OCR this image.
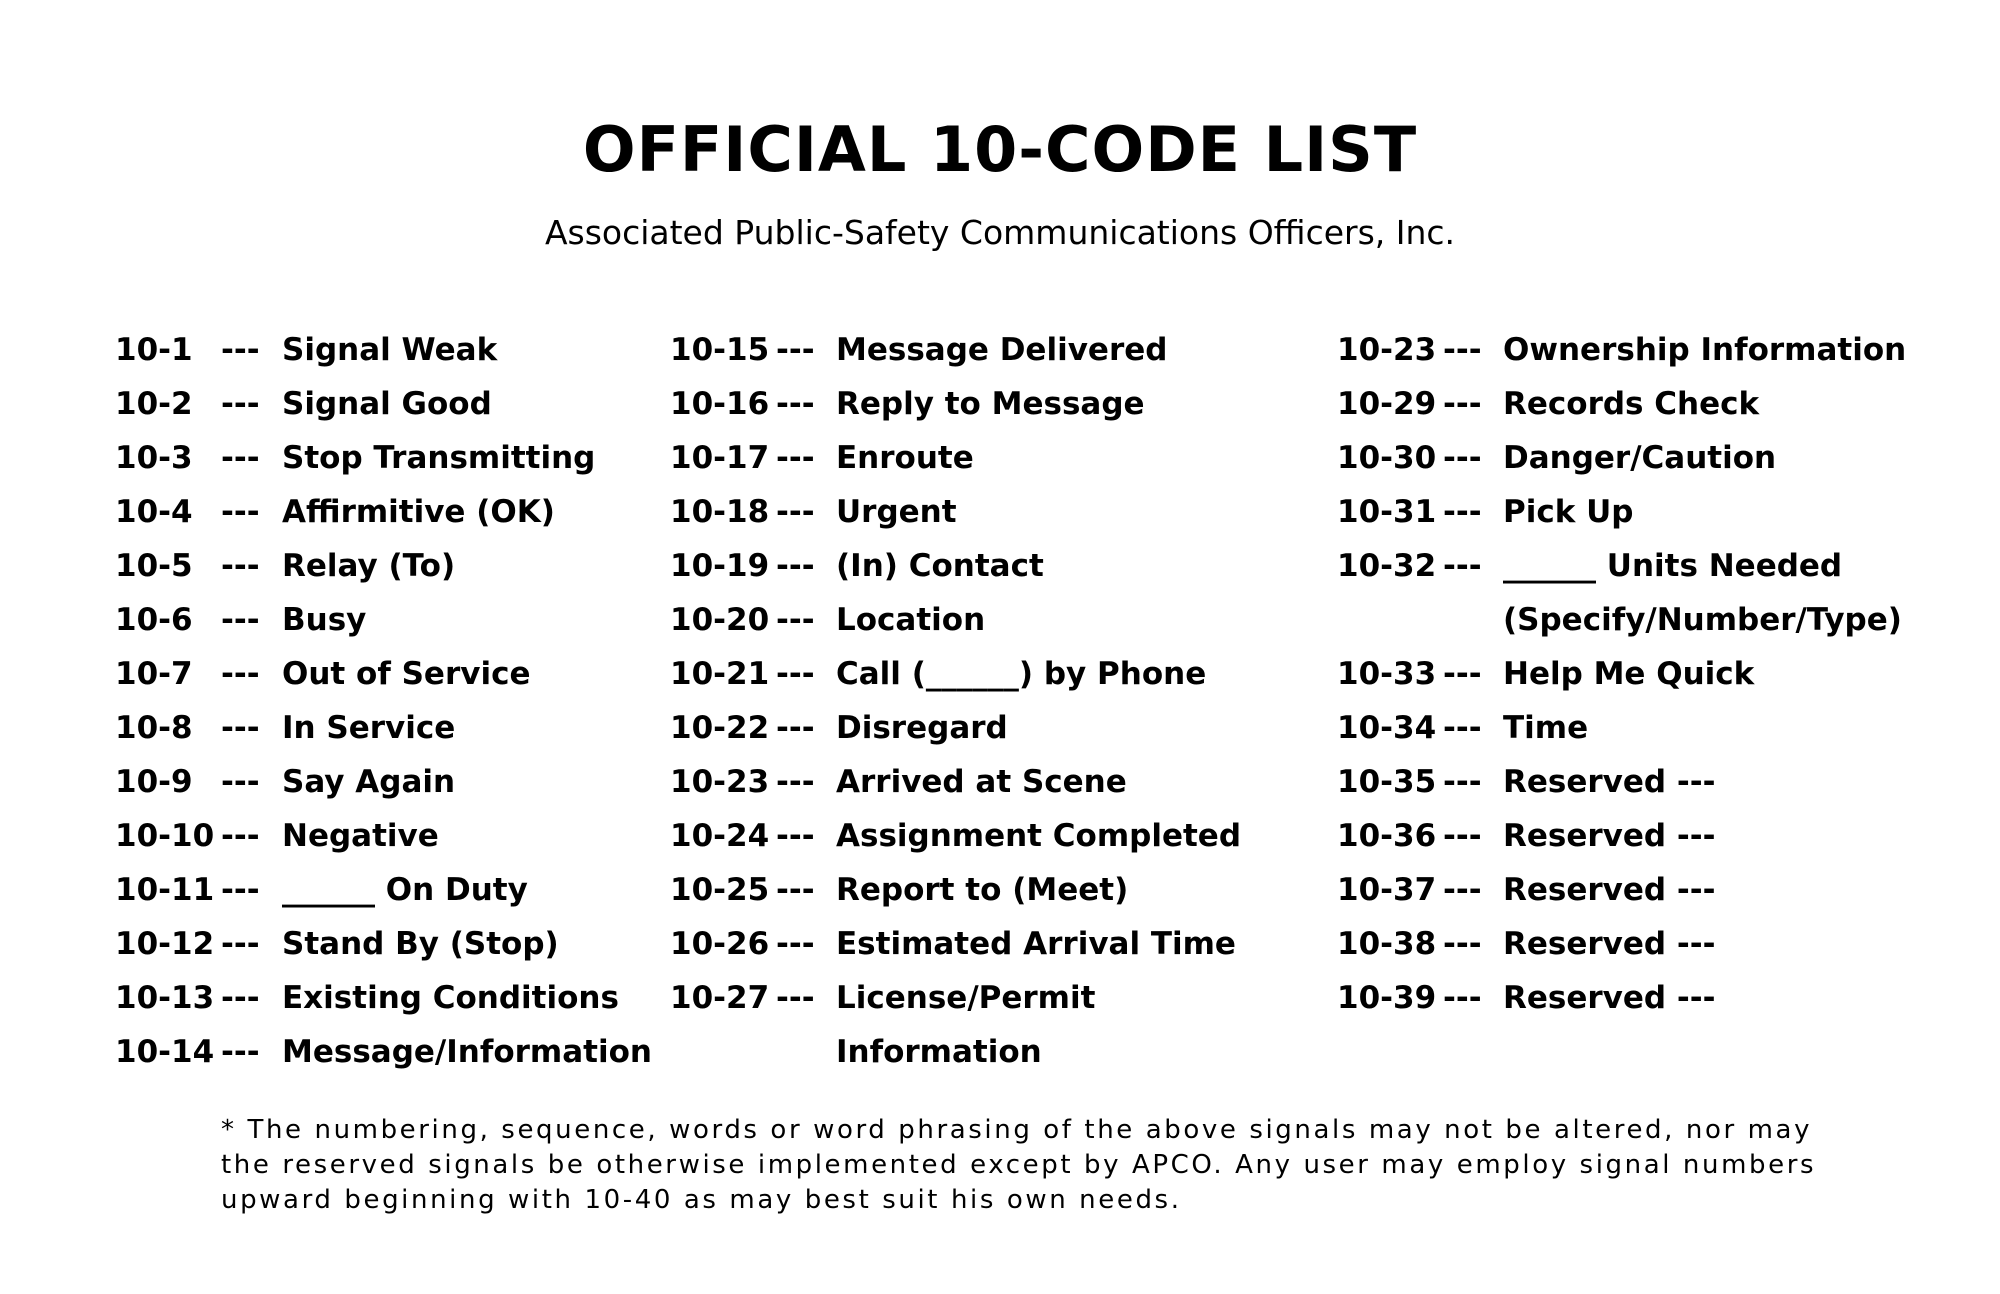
OFFICIAL 10-CODE LIST

Associated Public-Safety Communications Officers, Inc.

10-1 --- Signal Weak
10-2 --- Signal Good
10-3 --- Stop Transmitting
10-4 --- Affirmitive (OK)
10-5 --- Relay (To)
10-6 --- Busy
10-7 --- Out of Service
10-8 --- In Service
10-9 --- Say Again
10-10 --- Negative
10-11 --- ______ On Duty
10-12 --- Stand By (Stop)
10-13 --- Existing Conditions
10-14 --- Message/Information
10-15 --- Message Delivered
10-16 --- Reply to Message
10-17 --- Enroute
10-18 --- Urgent
10-19 --- (In) Contact
10-20 --- Location
10-21 --- Call (______) by Phone
10-22 --- Disregard
10-23 --- Arrived at Scene
10-24 --- Assignment Completed
10-25 --- Report to (Meet)
10-26 --- Estimated Arrival Time
10-27 --- License/Permit
Information
10-23 --- Ownership Information
10-29 --- Records Check
10-30 --- Danger/Caution
10-31 --- Pick Up
10-32 --- ______ Units Needed
(Specify/Number/Type)
10-33 --- Help Me Quick
10-34 --- Time
10-35 --- Reserved ---
10-36 --- Reserved ---
10-37 --- Reserved ---
10-38 --- Reserved ---
10-39 --- Reserved ---

* The numbering, sequence, words or word phrasing of the above signals may not be altered, nor may the reserved signals be otherwise implemented except by APCO. Any user may employ signal numbers upward beginning with 10-40 as may best suit his own needs.
